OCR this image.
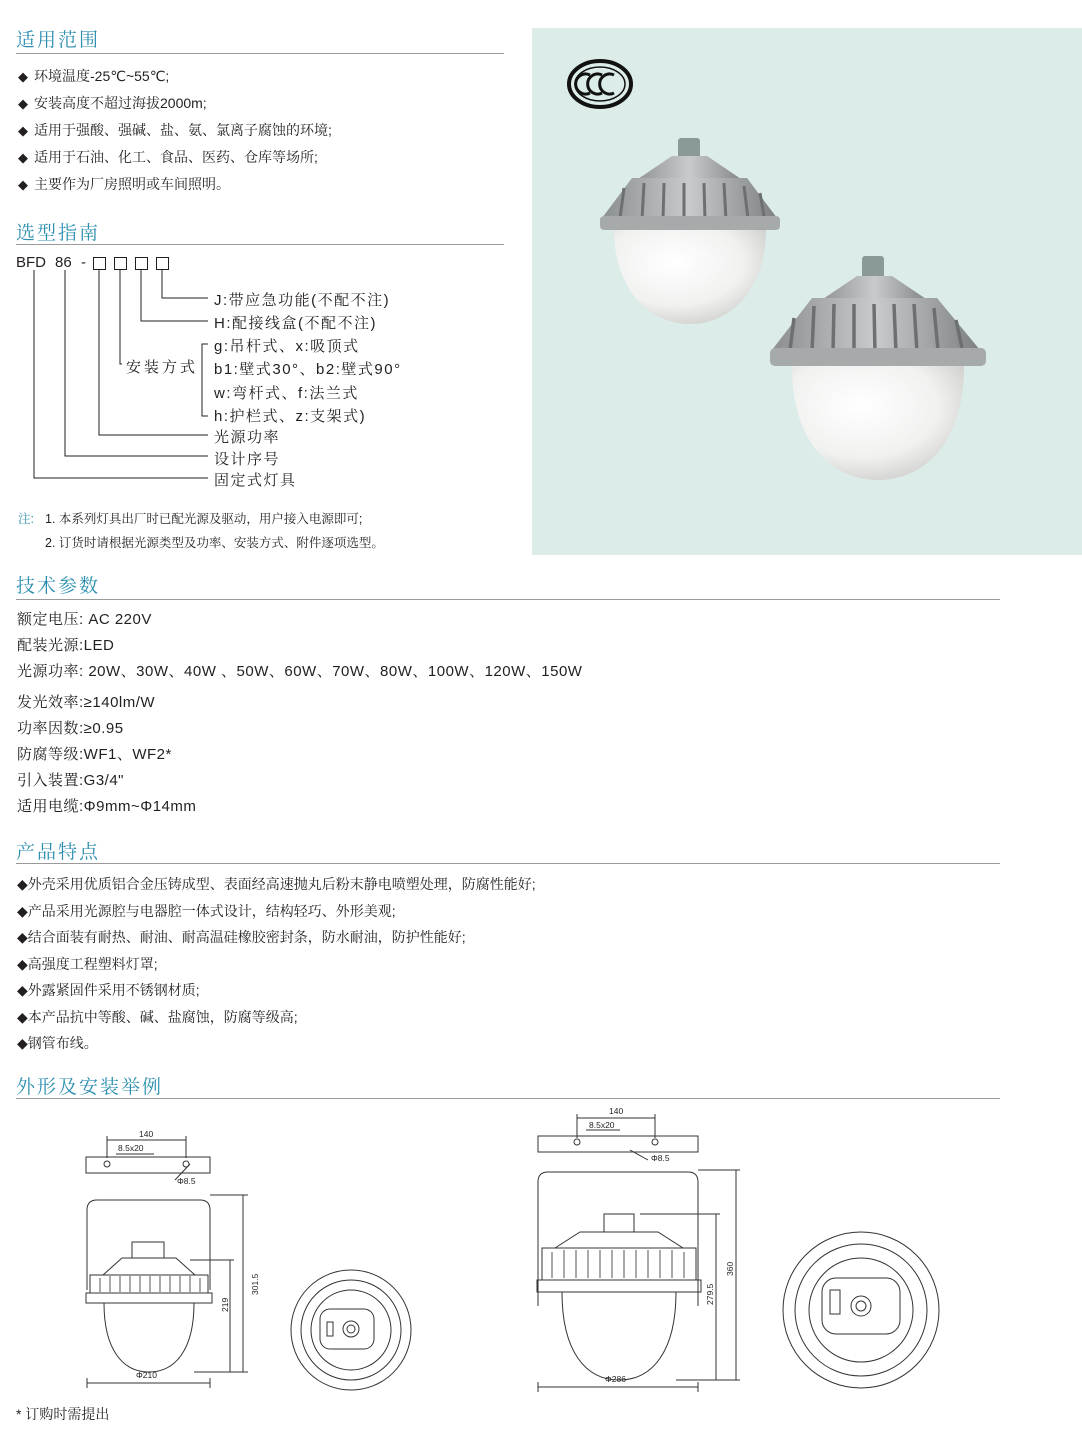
适用范围
◆ 环境温度-25℃~55℃;
◆ 安装高度不超过海拔2000m;
◆ 适用于强酸、强碱、盐、氨、氯离子腐蚀的环境;
◆ 适用于石油、化工、食品、医药、仓库等场所;
◆ 主要作为厂房照明或车间照明。
选型指南
BFD 86 -
J:带应急功能(不配不注)
H:配接线盒(不配不注)
安装方式
g:吊杆式、x:吸顶式
b1:壁式30°、b2:壁式90°
w:弯杆式、f:法兰式
h:护栏式、z:支架式)
光源功率
设计序号
固定式灯具
注: 1. 本系列灯具出厂时已配光源及驱动，用户接入电源即可;
2. 订货时请根据光源类型及功率、安装方式、附件逐项选型。
技术参数
额定电压: AC 220V
配装光源:LED
光源功率: 20W、30W、40W 、50W、60W、70W、80W、100W、120W、150W
发光效率:≥140lm/W
功率因数:≥0.95
防腐等级:WF1、WF2*
引入装置:G3/4"
适用电缆:Φ9mm~Φ14mm
产品特点
◆外壳采用优质铝合金压铸成型、表面经高速抛丸后粉末静电喷塑处理，防腐性能好;
◆产品采用光源腔与电器腔一体式设计，结构轻巧、外形美观;
◆结合面装有耐热、耐油、耐高温硅橡胶密封条，防水耐油，防护性能好;
◆高强度工程塑料灯罩;
◆外露紧固件采用不锈钢材质;
◆本产品抗中等酸、碱、盐腐蚀，防腐等级高;
◆钢管布线。
外形及安装举例
140
8.5x20
Φ8.5
Φ210
301.5
219
140
8.5x20
Φ8.5
Φ286
360
279.5
* 订购时需提出
